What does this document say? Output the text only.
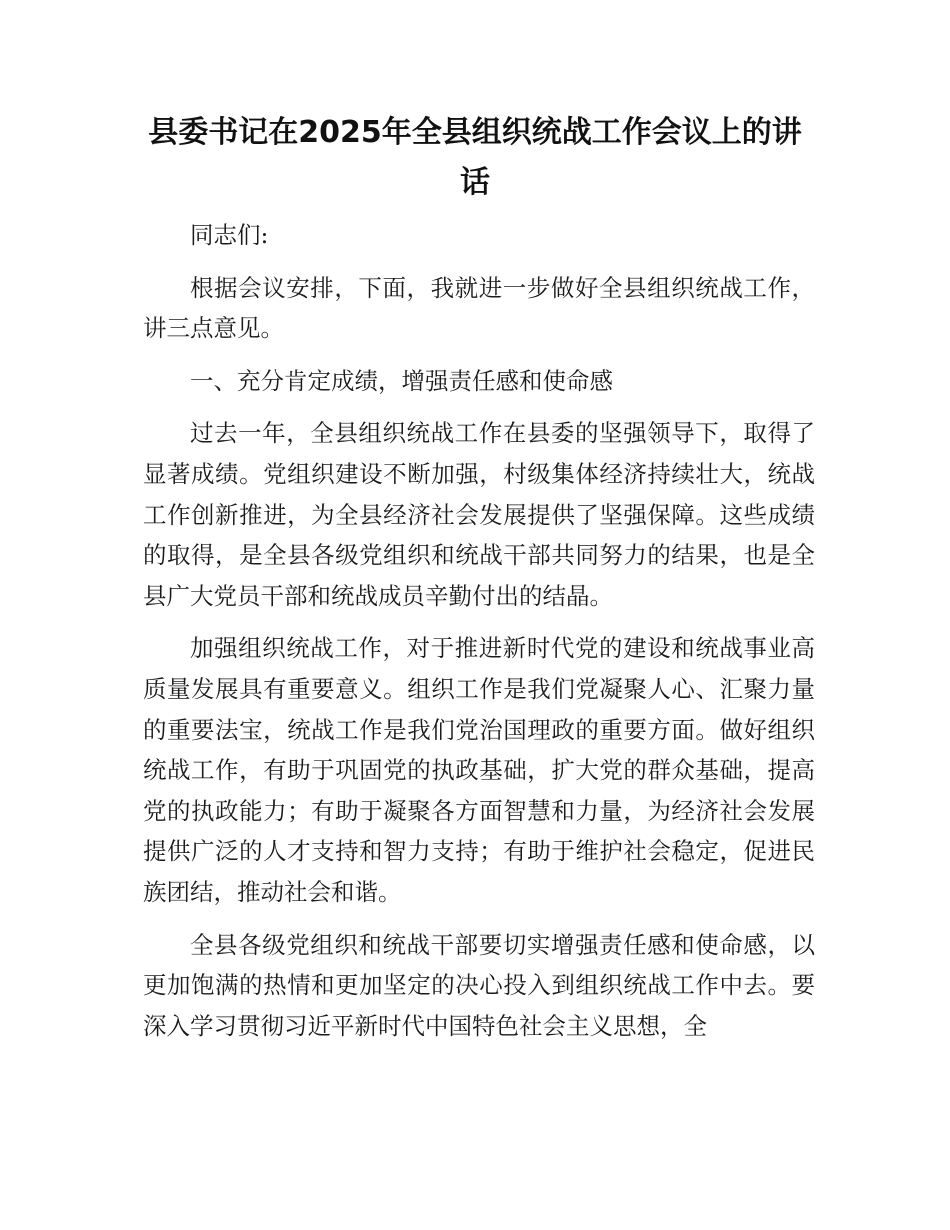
县委书记在2025年全县组织统战工作会议上的讲话

同志们:

根据会议安排，下面，我就进一步做好全县组织统战工作，讲三点意见。

一、充分肯定成绩，增强责任感和使命感

过去一年，全县组织统战工作在县委的坚强领导下，取得了显著成绩。党组织建设不断加强，村级集体经济持续壮大，统战工作创新推进，为全县经济社会发展提供了坚强保障。这些成绩的取得，是全县各级党组织和统战干部共同努力的结果，也是全县广大党员干部和统战成员辛勤付出的结晶。

加强组织统战工作，对于推进新时代党的建设和统战事业高质量发展具有重要意义。组织工作是我们党凝聚人心、汇聚力量的重要法宝，统战工作是我们党治国理政的重要方面。做好组织统战工作，有助于巩固党的执政基础，扩大党的群众基础，提高党的执政能力；有助于凝聚各方面智慧和力量，为经济社会发展提供广泛的人才支持和智力支持；有助于维护社会稳定，促进民族团结，推动社会和谐。

全县各级党组织和统战干部要切实增强责任感和使命感，以更加饱满的热情和更加坚定的决心投入到组织统战工作中去。要深入学习贯彻习近平新时代中国特色社会主义思想，全
